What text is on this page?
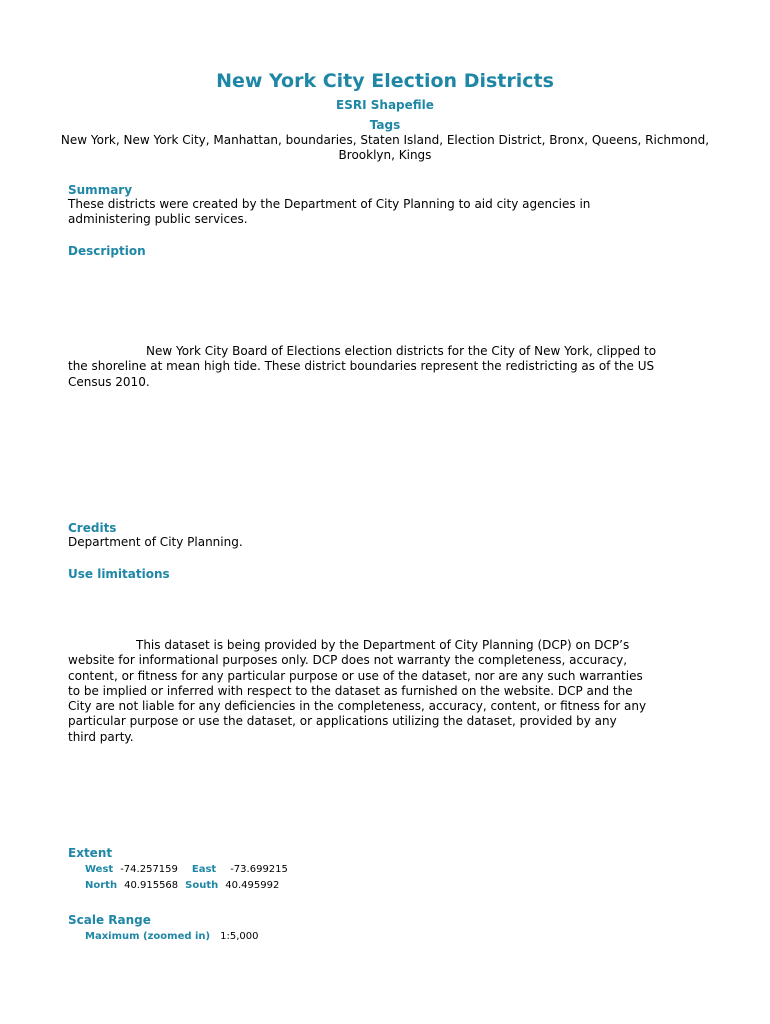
New York City Election Districts
ESRI Shapefile
Tags
New York, New York City, Manhattan, boundaries, Staten Island, Election District, Bronx, Queens, Richmond, Brooklyn, Kings
Summary
These districts were created by the Department of City Planning to aid city agencies in administering public services.
Description
New York City Board of Elections election districts for the City of New York, clipped to the shoreline at mean high tide. These district boundaries represent the redistricting as of the US Census 2010.
Credits
Department of City Planning.
Use limitations
This dataset is being provided by the Department of City Planning (DCP) on DCP’s website for informational purposes only. DCP does not warranty the completeness, accuracy, content, or fitness for any particular purpose or use of the dataset, nor are any such warranties to be implied or inferred with respect to the dataset as furnished on the website. DCP and the City are not liable for any deficiencies in the completeness, accuracy, content, or fitness for any particular purpose or use the dataset, or applications utilizing the dataset, provided by any third party.
Extent
West -74.257159 East -73.699215
North 40.915568 South 40.495992
Scale Range
Maximum (zoomed in) 1:5,000
